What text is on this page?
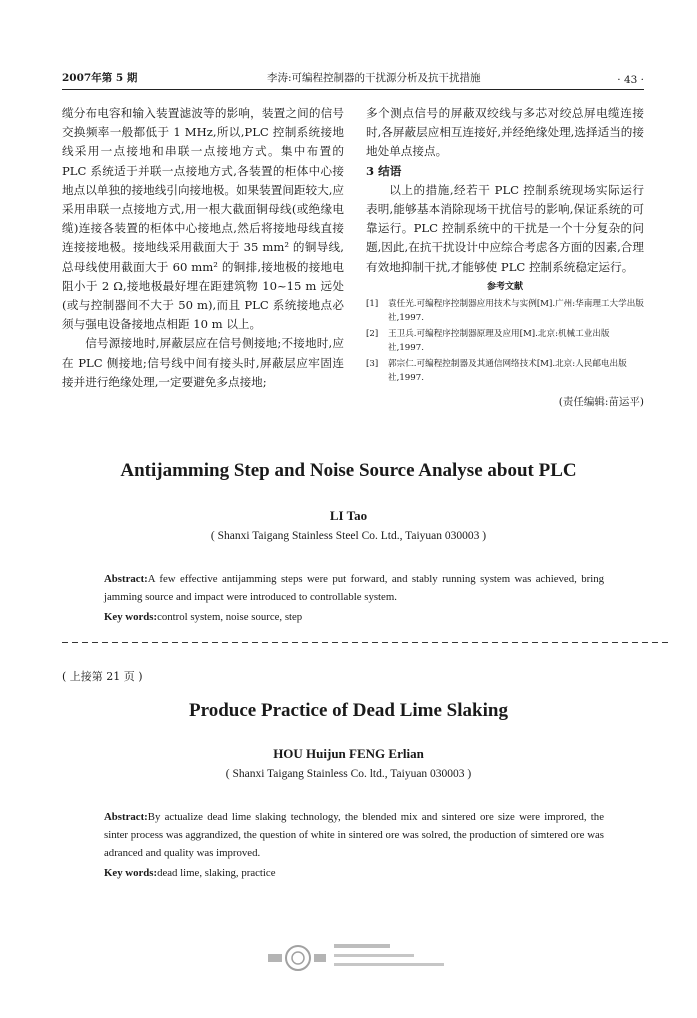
2007年第 5 期	李涛:可编程控制器的干扰源分析及抗干扰措施	· 43 ·

缆分布电容和输入装置滤波等的影响，装置之间的信号交换频率一般都低于 1 MHz,所以,PLC 控制系统接地线采用一点接地和串联一点接地方式。集中布置的 PLC 系统适于并联一点接地方式,各装置的柜体中心接地点以单独的接地线引向接地极。如果装置间距较大,应采用串联一点接地方式,用一根大截面铜母线(或绝缘电缆)连接各装置的柜体中心接地点,然后将接地母线直接连接接地极。接地线采用截面大于 35 mm² 的铜导线,总母线使用截面大于 60 mm² 的铜排,接地极的接地电阻小于 2 Ω,接地极最好埋在距建筑物 10~15 m 远处(或与控制器间不大于 50 m),而且 PLC 系统接地点必须与强电设备接地点相距 10 m 以上。

信号源接地时,屏蔽层应在信号侧接地;不接地时,应在 PLC 侧接地;信号线中间有接头时,屏蔽层应牢固连接并进行绝缘处理,一定要避免多点接地;

多个测点信号的屏蔽双绞线与多芯对绞总屏电缆连接时,各屏蔽层应相互连接好,并经绝缘处理,选择适当的接地处单点接点。

3 结语

以上的措施,经若干 PLC 控制系统现场实际运行表明,能够基本消除现场干扰信号的影响,保证系统的可靠运行。PLC 控制系统中的干扰是一个十分复杂的问题,因此,在抗干扰设计中应综合考虑各方面的因素,合理有效地抑制干扰,才能够使 PLC 控制系统稳定运行。

参考文献
[1]	袁任光.可编程序控制器应用技术与实例[M].广州:华南理工大学出版社,1997.
[2]	王卫兵.可编程序控制器原理及应用[M].北京:机械工业出版社,1997.
[3]	郭宗仁.可编程控制器及其通信网络技术[M].北京:人民邮电出版社,1997.
(责任编辑:苗运平)
Antijamming Step and Noise Source Analyse about PLC
LI Tao
( Shanxi Taigang Stainless Steel Co. Ltd., Taiyuan 030003 )
Abstract:A few effective antijamming steps were put forward, and stably running system was achieved, bring jamming source and impact were introduced to controllable system.
Key words:control system, noise source, step
( 上接第 21 页 )
Produce Practice of Dead Lime Slaking
HOU Huijun FENG Erlian
( Shanxi Taigang Stainless Co. ltd., Taiyuan 030003 )
Abstract:By actualize dead lime slaking technology, the blended mix and sintered ore size were improred, the sinter process was aggrandized, the question of white in sintered ore was solred, the production of simtered ore was adranced and quality was improved.
Key words:dead lime, slaking, practice
